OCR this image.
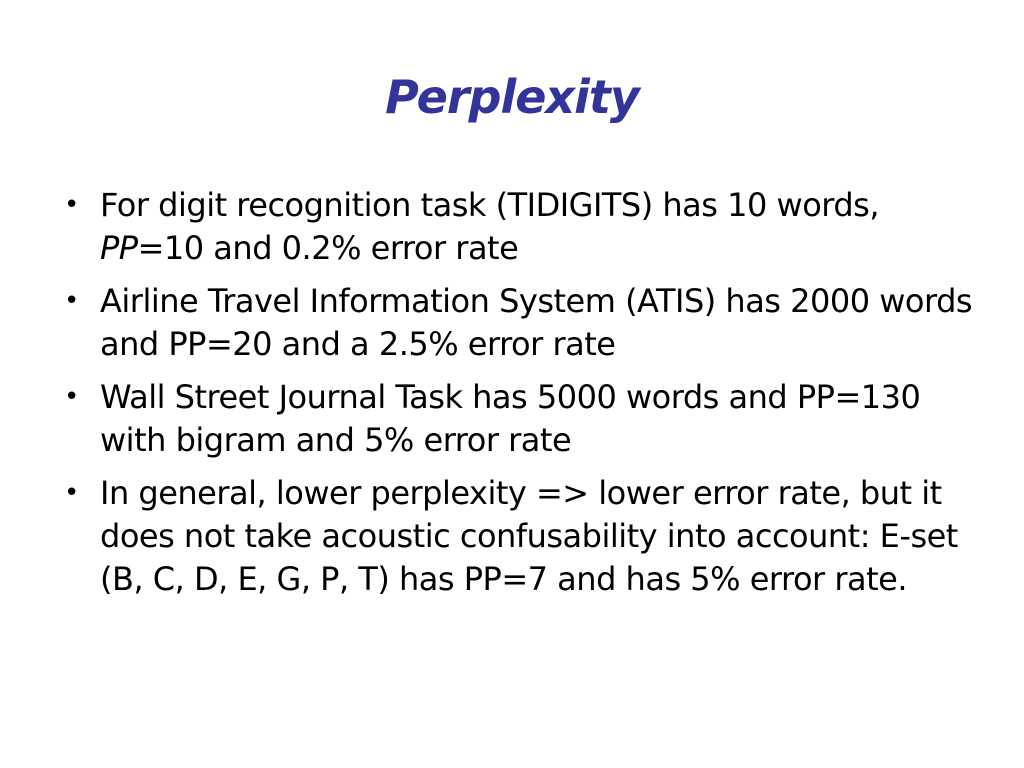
Perplexity
• For digit recognition task (TIDIGITS) has 10 words, PP=10 and 0.2% error rate
• Airline Travel Information System (ATIS) has 2000 words and PP=20 and a 2.5% error rate
• Wall Street Journal Task has 5000 words and PP=130 with bigram and 5% error rate
• In general, lower perplexity => lower error rate, but it does not take acoustic confusability into account: E-set (B, C, D, E, G, P, T) has PP=7 and has 5% error rate.
